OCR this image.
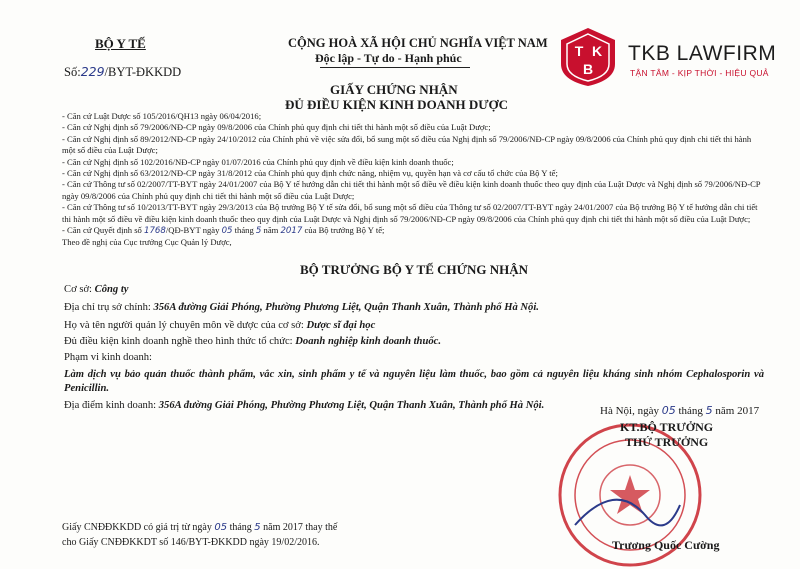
BỘ Y TẾ
Số:229/BYT-ĐKKDD
CỘNG HOÀ XÃ HỘI CHỦ NGHĨA VIỆT NAM
Độc lập - Tự do - Hạnh phúc	T K
B
TKB LAWFIRM
TẬN TÂM - KỊP THỜI - HIỆU QUẢ
GIẤY CHỨNG NHẬN
ĐỦ ĐIỀU KIỆN KINH DOANH DƯỢC
- Căn cứ Luật Dược số 105/2016/QH13 ngày 06/04/2016;
- Căn cứ Nghị định số 79/2006/NĐ-CP ngày 09/8/2006 của Chính phủ quy định chi tiết thi hành một số điều của Luật Dược;
- Căn cứ Nghị định số 89/2012/NĐ-CP ngày 24/10/2012 của Chính phủ về việc sửa đổi, bổ sung một số điều của Nghị định số 79/2006/NĐ-CP ngày 09/8/2006 của Chính phủ quy định chi tiết thi hành một số điều của Luật Dược;
- Căn cứ Nghị định số 102/2016/NĐ-CP ngày 01/07/2016 của Chính phủ quy định về điều kiện kinh doanh thuốc;
- Căn cứ Nghị định số 63/2012/NĐ-CP ngày 31/8/2012 của Chính phủ quy định chức năng, nhiệm vụ, quyền hạn và cơ cấu tổ chức của Bộ Y tế;
- Căn cứ Thông tư số 02/2007/TT-BYT ngày 24/01/2007 của Bộ Y tế hướng dẫn chi tiết thi hành một số điều về điều kiện kinh doanh thuốc theo quy định của Luật Dược và Nghị định số 79/2006/NĐ-CP ngày 09/8/2006 của Chính phủ quy định chi tiết thi hành một số điều của Luật Dược;
- Căn cứ Thông tư số 10/2013/TT-BYT ngày 29/3/2013 của Bộ trưởng Bộ Y tế sửa đổi, bổ sung một số điều của Thông tư số 02/2007/TT-BYT ngày 24/01/2007 của Bộ trưởng Bộ Y tế hướng dẫn chi tiết thi hành một số điều về điều kiện kinh doanh thuốc theo quy định của Luật Dược và Nghị định số 79/2006/NĐ-CP ngày 09/8/2006 của Chính phủ quy định chi tiết thi hành một số điều của Luật Dược;
- Căn cứ Quyết định số 1768/QĐ-BYT ngày 05 tháng 5 năm 2017 của Bộ trưởng Bộ Y tế;
Theo đề nghị của Cục trưởng Cục Quản lý Dược,
BỘ TRƯỞNG BỘ Y TẾ CHỨNG NHẬN
Cơ sở: Công ty
Địa chỉ trụ sở chính: 356A đường Giải Phóng, Phường Phương Liệt, Quận Thanh Xuân, Thành phố Hà Nội.
Họ và tên người quản lý chuyên môn về dược của cơ sở: Dược sĩ đại học
Đủ điều kiện kinh doanh nghề theo hình thức tổ chức: Doanh nghiệp kinh doanh thuốc.
Phạm vi kinh doanh:
Làm dịch vụ bảo quản thuốc thành phẩm, vắc xin, sinh phẩm y tế và nguyên liệu làm thuốc, bao gồm cả nguyên liệu kháng sinh nhóm Cephalosporin và Penicillin.
Địa điểm kinh doanh: 356A đường Giải Phóng, Phường Phương Liệt, Quận Thanh Xuân, Thành phố Hà Nội.	Hà Nội, ngày 05 tháng 5 năm 2017
KT.BỘ TRƯỞNG
THỨ TRƯỞNG
Trương Quốc Cường
Giấy CNĐĐKKDD có giá trị từ ngày 05 tháng 5 năm 2017 thay thế
cho Giấy CNĐĐKKDT số 146/BYT-ĐKKDD ngày 19/02/2016.
